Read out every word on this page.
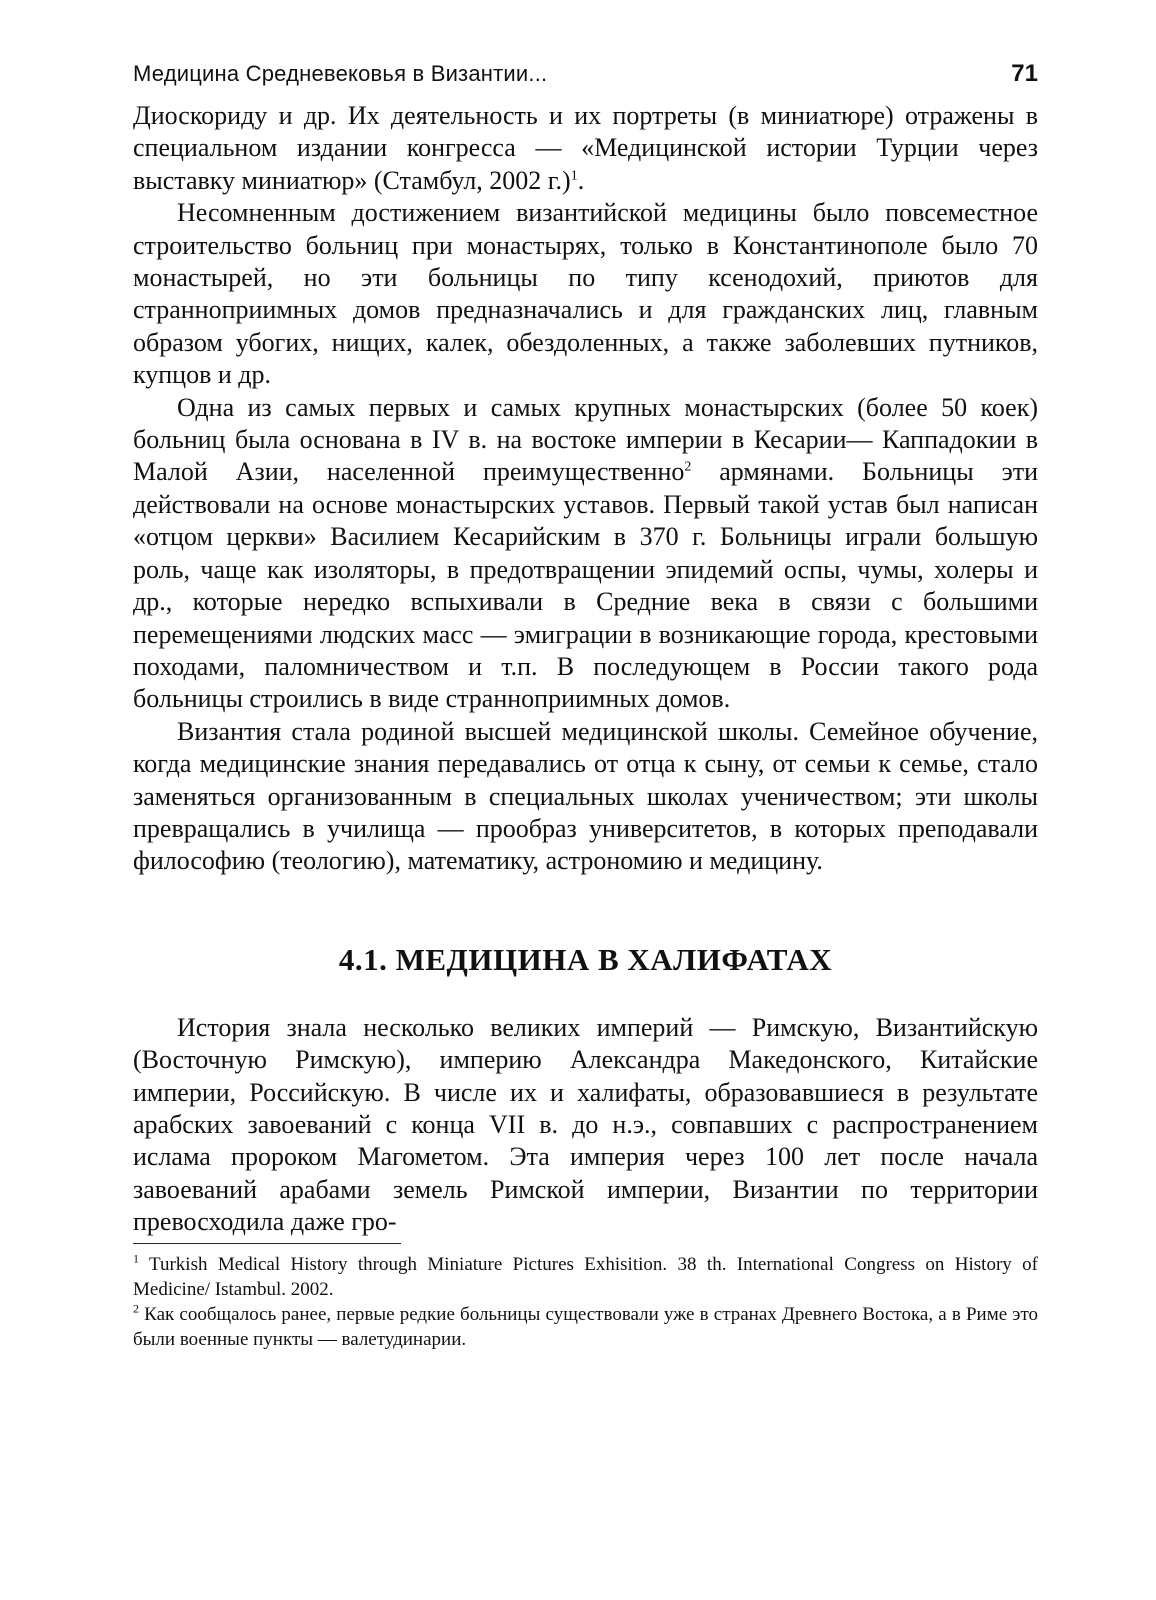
Медицина Средневековья в Византии...	71

Диоскориду и др. Их деятельность и их портреты (в миниатюре) отражены в специальном издании конгресса — «Медицинской истории Турции через выставку миниатюр» (Стамбул, 2002 г.)$^1$.

Несомненным достижением византийской медицины было повсеместное строительство больниц при монастырях, только в Константинополе было 70 монастырей, но эти больницы по типу ксенодохий, приютов для странноприимных домов предназначались и для гражданских лиц, главным образом убогих, нищих, калек, обездоленных, а также заболевших путников, купцов и др.

Одна из самых первых и самых крупных монастырских (более 50 коек) больниц была основана в IV в. на востоке империи в Кесарии— Каппадокии в Малой Азии, населенной преимущественно$^2$ армянами. Больницы эти действовали на основе монастырских уставов. Первый такой устав был написан «отцом церкви» Василием Кесарийским в 370 г. Больницы играли большую роль, чаще как изоляторы, в предотвращении эпидемий оспы, чумы, холеры и др., которые нередко вспыхивали в Средние века в связи с большими перемещениями людских масс — эмиграции в возникающие города, крестовыми походами, паломничеством и т.п. В последующем в России такого рода больницы строились в виде странноприимных домов.

Византия стала родиной высшей медицинской школы. Семейное обучение, когда медицинские знания передавались от отца к сыну, от семьи к семье, стало заменяться организованным в специальных школах ученичеством; эти школы превращались в училища — прообраз университетов, в которых преподавали философию (теологию), математику, астрономию и медицину.

4.1. МЕДИЦИНА В ХАЛИФАТАХ

История знала несколько великих империй — Римскую, Византийскую (Восточную Римскую), империю Александра Македонского, Китайские империи, Российскую. В числе их и халифаты, образовавшиеся в результате арабских завоеваний с конца VII в. до н.э., совпавших с распространением ислама пророком Магометом. Эта империя через 100 лет после начала завоеваний арабами земель Римской империи, Византии по территории превосходила даже гро-

$^1$ Turkish Medical History through Miniature Pictures Exhisition. 38 th. International Congress on History of Medicine/ Istambul. 2002.

$^2$ Как сообщалось ранее, первые редкие больницы существовали уже в странах Древнего Востока, а в Риме это были военные пункты — валетудинарии.
